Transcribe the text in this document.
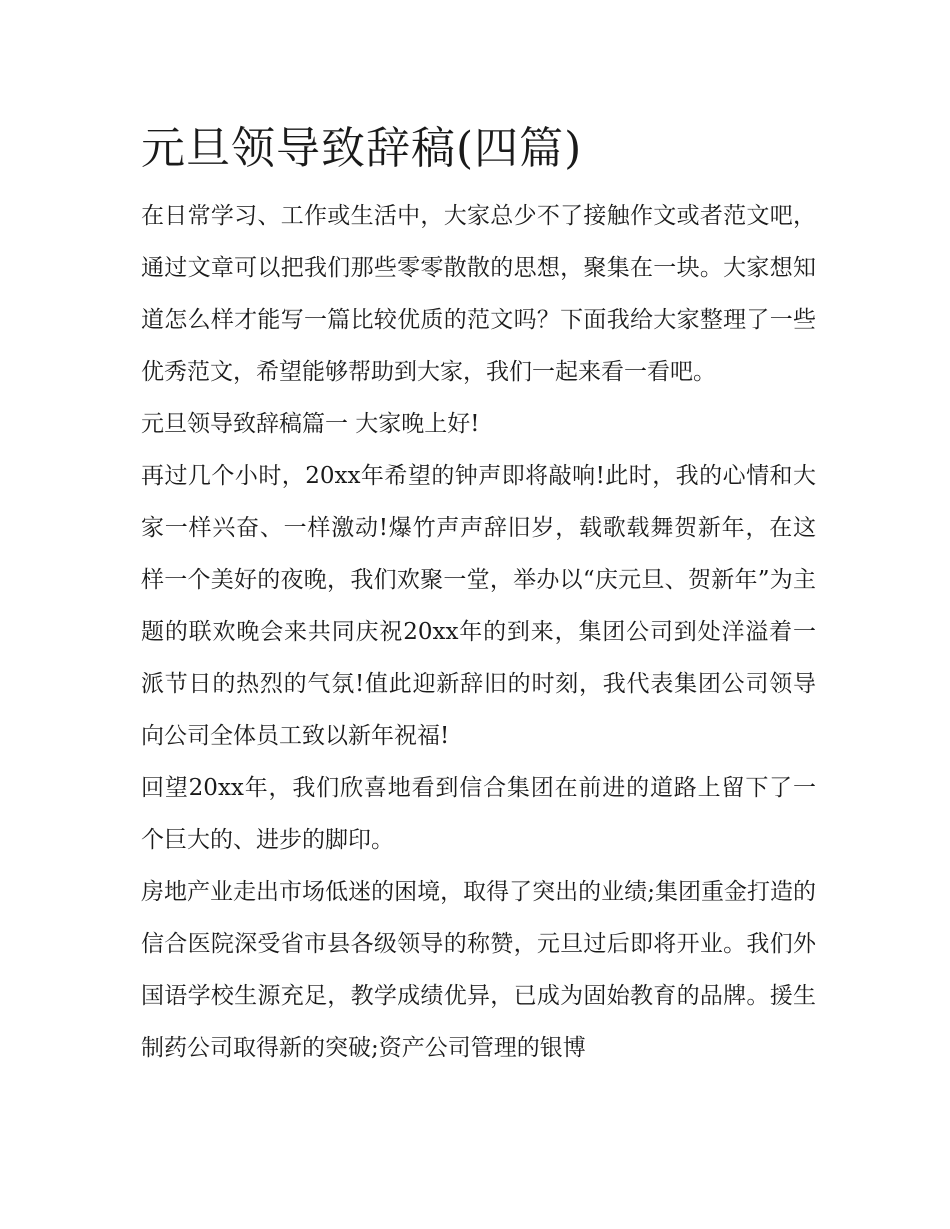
元旦领导致辞稿(四篇)

在日常学习、工作或生活中，大家总少不了接触作文或者范文吧，通过文章可以把我们那些零零散散的思想，聚集在一块。大家想知道怎么样才能写一篇比较优质的范文吗？下面我给大家整理了一些优秀范文，希望能够帮助到大家，我们一起来看一看吧。

元旦领导致辞稿篇一 大家晚上好!

再过几个小时，20xx年希望的钟声即将敲响!此时，我的心情和大家一样兴奋、一样激动!爆竹声声辞旧岁，载歌载舞贺新年，在这样一个美好的夜晚，我们欢聚一堂，举办以“庆元旦、贺新年”为主题的联欢晚会来共同庆祝20xx年的到来，集团公司到处洋溢着一派节日的热烈的气氛!值此迎新辞旧的时刻，我代表集团公司领导向公司全体员工致以新年祝福!

回望20xx年，我们欣喜地看到信合集团在前进的道路上留下了一个巨大的、进步的脚印。

房地产业走出市场低迷的困境，取得了突出的业绩;集团重金打造的信合医院深受省市县各级领导的称赞，元旦过后即将开业。我们外国语学校生源充足，教学成绩优异，已成为固始教育的品牌。援生制药公司取得新的突破;资产公司管理的银博
